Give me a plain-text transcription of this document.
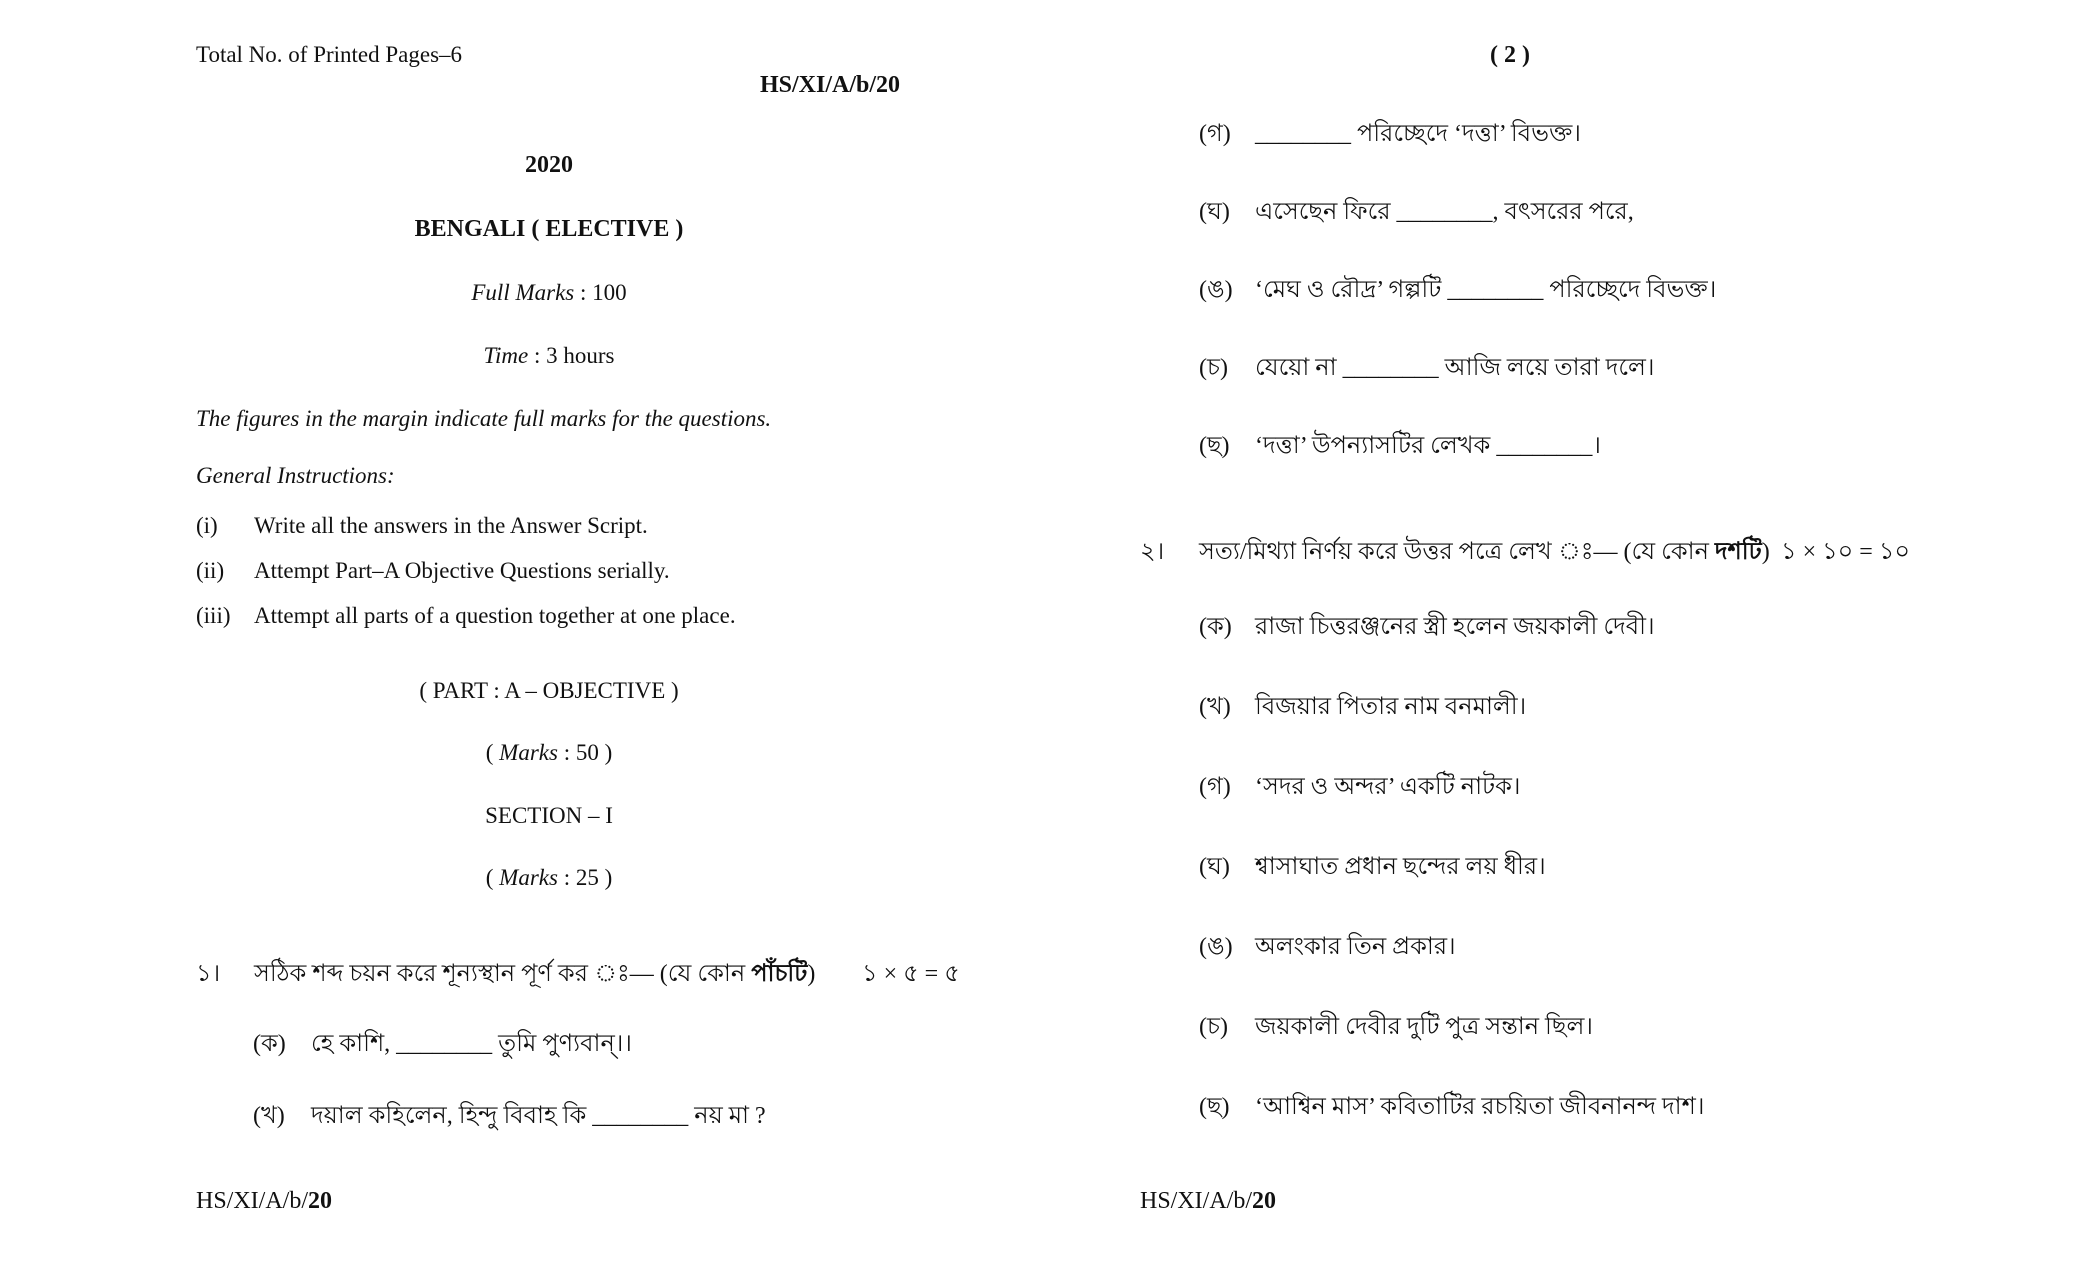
Total No. of Printed Pages–6
HS/XI/A/b/20
2020
BENGALI ( ELECTIVE )
Full Marks : 100
Time : 3 hours
The figures in the margin indicate full marks for the questions.
General Instructions:
(i) Write all the answers in the Answer Script.
(ii) Attempt Part–A Objective Questions serially.
(iii) Attempt all parts of a question together at one place.
( PART : A – OBJECTIVE )
( Marks : 50 )
SECTION – I
( Marks : 25 )
১। সঠিক শব্দ চয়ন করে শূন্যস্থান পূর্ণ কর ঃ— (যে কোন পাঁচটি) ১ × ৫ = ৫
(ক) হে কাশি, ________ তুমি পুণ্যবান্।।
(খ) দয়াল কহিলেন, হিন্দু বিবাহ কি ________ নয় মা ?
HS/XI/A/b/20
( 2 )
(গ) ________ পরিচ্ছেদে ‘দত্তা’ বিভক্ত।
(ঘ) এসেছেন ফিরে ________, বৎসরের পরে,
(ঙ) ‘মেঘ ও রৌদ্র’ গল্পটি ________ পরিচ্ছেদে বিভক্ত।
(চ) যেয়ো না ________ আজি লয়ে তারা দলে।
(ছ) ‘দত্তা’ উপন্যাসটির লেখক ________।
২। সত্য/মিথ্যা নির্ণয় করে উত্তর পত্রে লেখ ঃ— (যে কোন দশটি) ১ × ১০ = ১০
(ক) রাজা চিত্তরঞ্জনের স্ত্রী হলেন জয়কালী দেবী।
(খ) বিজয়ার পিতার নাম বনমালী।
(গ) ‘সদর ও অন্দর’ একটি নাটক।
(ঘ) শ্বাসাঘাত প্রধান ছন্দের লয় ধীর।
(ঙ) অলংকার তিন প্রকার।
(চ) জয়কালী দেবীর দুটি পুত্র সন্তান ছিল।
(ছ) ‘আশ্বিন মাস’ কবিতাটির রচয়িতা জীবনানন্দ দাশ।
HS/XI/A/b/20
